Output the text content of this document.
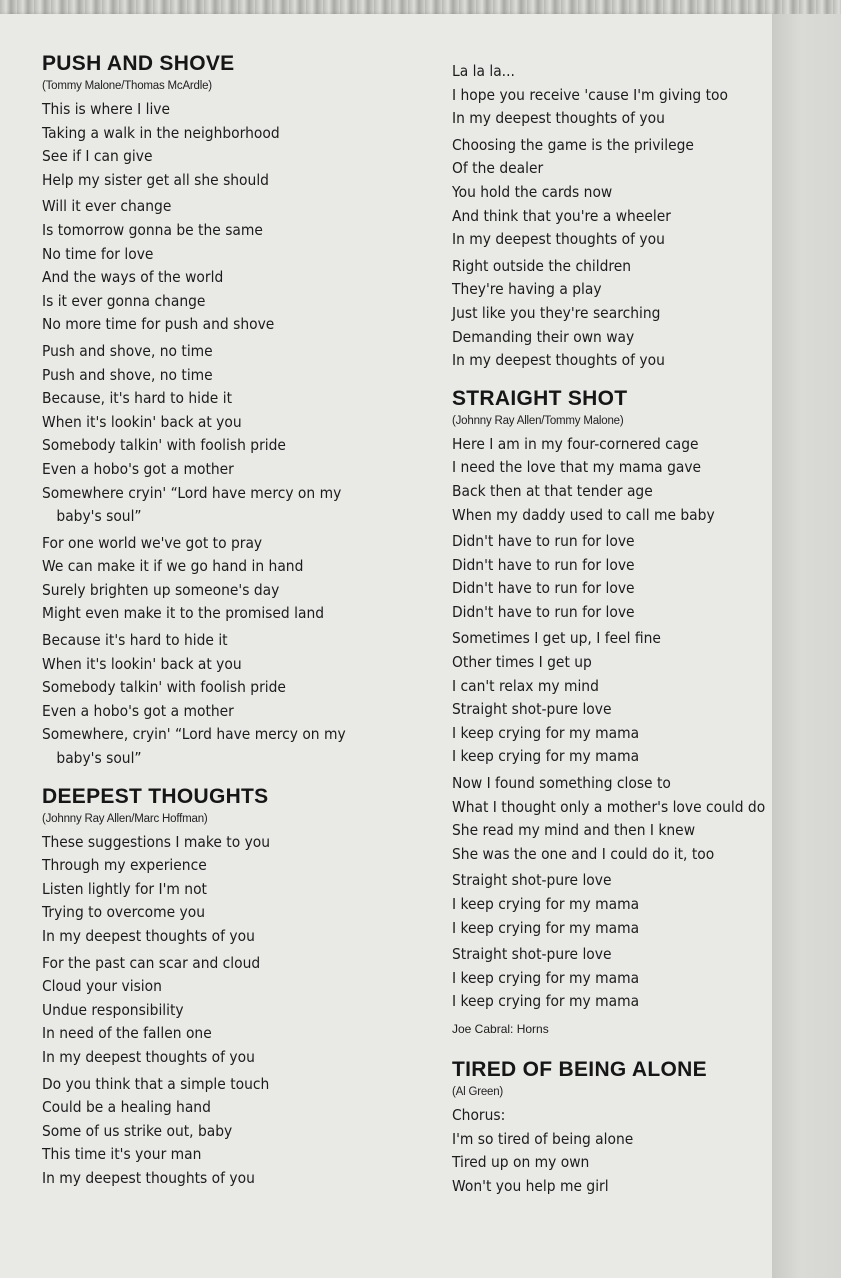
PUSH AND SHOVE
(Tommy Malone/Thomas McArdle)
This is where I live
Taking a walk in the neighborhood
See if I can give
Help my sister get all she should
Will it ever change
Is tomorrow gonna be the same
No time for love
And the ways of the world
Is it ever gonna change
No more time for push and shove
Push and shove, no time
Push and shove, no time
Because, it's hard to hide it
When it's lookin' back at you
Somebody talkin' with foolish pride
Even a hobo's got a mother
Somewhere cryin' “Lord have mercy on my
baby's soul”
For one world we've got to pray
We can make it if we go hand in hand
Surely brighten up someone's day
Might even make it to the promised land
Because it's hard to hide it
When it's lookin' back at you
Somebody talkin' with foolish pride
Even a hobo's got a mother
Somewhere, cryin' “Lord have mercy on my
baby's soul”
DEEPEST THOUGHTS
(Johnny Ray Allen/Marc Hoffman)
These suggestions I make to you
Through my experience
Listen lightly for I'm not
Trying to overcome you
In my deepest thoughts of you
For the past can scar and cloud
Cloud your vision
Undue responsibility
In need of the fallen one
In my deepest thoughts of you
Do you think that a simple touch
Could be a healing hand
Some of us strike out, baby
This time it's your man
In my deepest thoughts of you
La la la...
I hope you receive 'cause I'm giving too
In my deepest thoughts of you
Choosing the game is the privilege
Of the dealer
You hold the cards now
And think that you're a wheeler
In my deepest thoughts of you
Right outside the children
They're having a play
Just like you they're searching
Demanding their own way
In my deepest thoughts of you
STRAIGHT SHOT
(Johnny Ray Allen/Tommy Malone)
Here I am in my four-cornered cage
I need the love that my mama gave
Back then at that tender age
When my daddy used to call me baby
Didn't have to run for love
Didn't have to run for love
Didn't have to run for love
Didn't have to run for love
Sometimes I get up, I feel fine
Other times I get up
I can't relax my mind
Straight shot-pure love
I keep crying for my mama
I keep crying for my mama
Now I found something close to
What I thought only a mother's love could do
She read my mind and then I knew
She was the one and I could do it, too
Straight shot-pure love
I keep crying for my mama
I keep crying for my mama
Straight shot-pure love
I keep crying for my mama
I keep crying for my mama
Joe Cabral: Horns
TIRED OF BEING ALONE
(Al Green)
Chorus:
I'm so tired of being alone
Tired up on my own
Won't you help me girl
